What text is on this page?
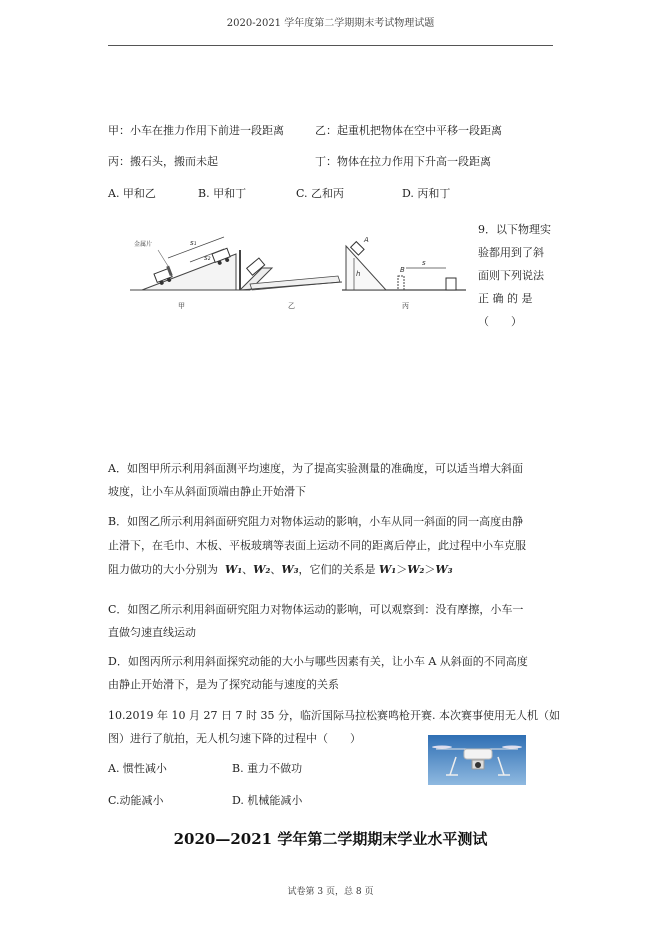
2020-2021 学年度第二学期期末考试物理试题
甲：小车在推力作用下前进一段距离	乙：起重机把物体在空中平移一段距离
丙：搬石头，搬而未起	丁：物体在拉力作用下升高一段距离
A. 甲和乙	B. 甲和丁	C. 乙和丙	D. 丙和丁
9．以下物理实
验都用到了斜
面则下列说法
正 确 的 是
（　　）
金属片	s₁
s₂
甲	乙
A
h	B
s
丙
A．如图甲所示利用斜面测平均速度，为了提高实验测量的准确度，可以适当增大斜面
坡度，让小车从斜面顶端由静止开始滑下
B．如图乙所示利用斜面研究阻力对物体运动的影响，小车从同一斜面的同一高度由静
止滑下，在毛巾、木板、平板玻璃等表面上运动不同的距离后停止，此过程中小车克服
阻力做功的大小分别为 W₁、W₂、W₃，它们的关系是 W₁＞W₂＞W₃
C．如图乙所示利用斜面研究阻力对物体运动的影响，可以观察到：没有摩擦，小车一
直做匀速直线运动
D．如图丙所示利用斜面探究动能的大小与哪些因素有关，让小车 A 从斜面的不同高度
由静止开始滑下，是为了探究动能与速度的关系
10.2019 年 10 月 27 日 7 时 35 分，临沂国际马拉松赛鸣枪开赛. 本次赛事使用无人机（如
图）进行了航拍，无人机匀速下降的过程中（　　）
A. 惯性减小	B. 重力不做功
C.动能减小	D. 机械能减小
2020—2021 学年第二学期期末学业水平测试
试卷第 3 页，总 8 页
